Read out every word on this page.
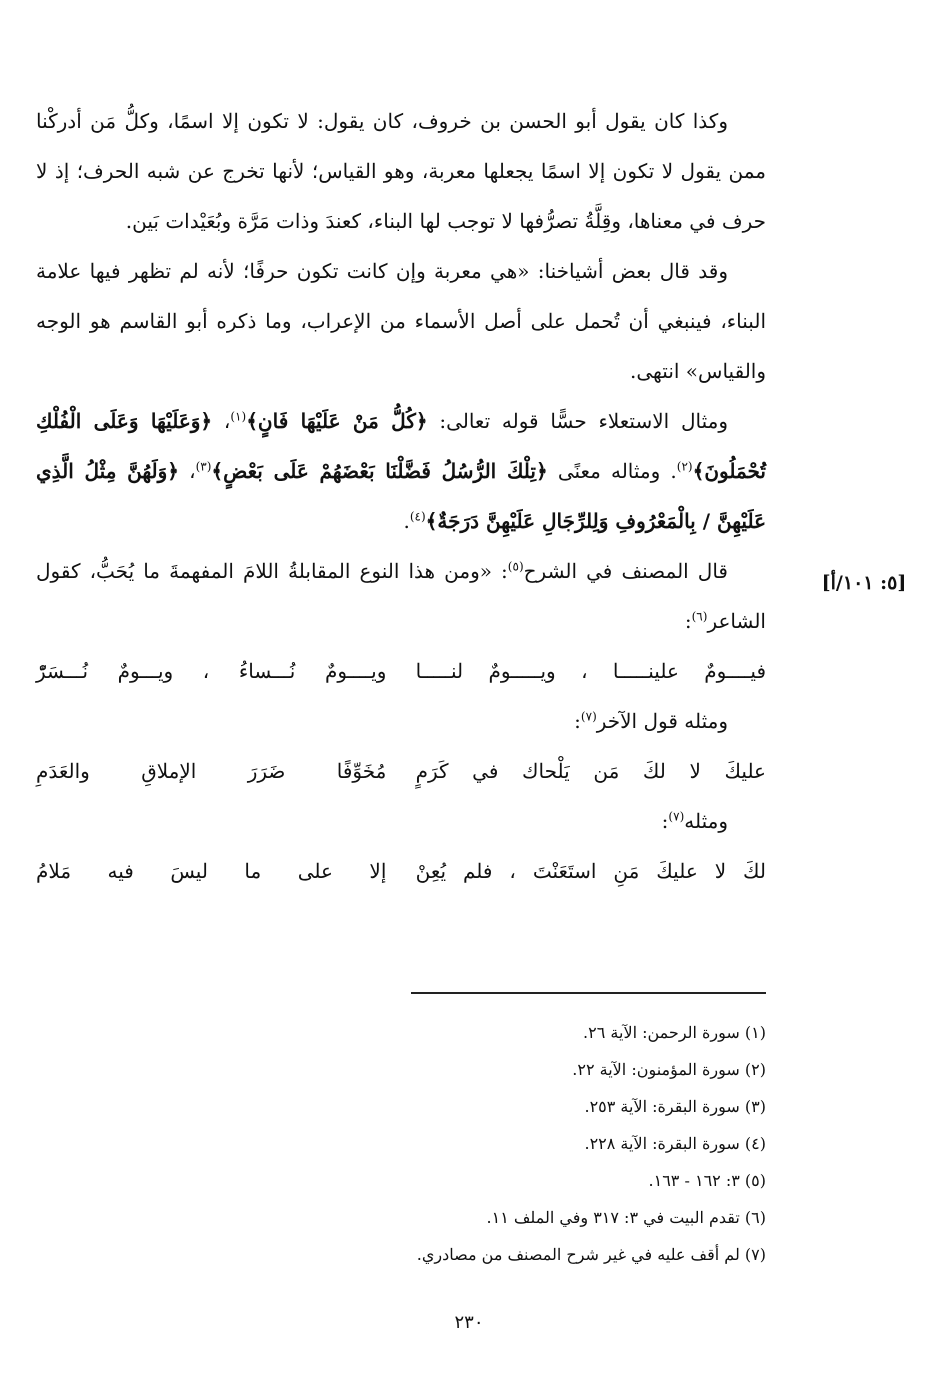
[٥: ١٠١/أ]

وكذا كان يقول أبو الحسن بن خروف، كان يقول: لا تكون إلا اسمًا، وكلُّ مَن أدركْنا ممن يقول لا تكون إلا اسمًا يجعلها معربة، وهو القياس؛ لأنها تخرج عن شبه الحرف؛ إذ لا حرف في معناها، وقِلَّةُ تصرُّفها لا توجب لها البناء، كعندَ وذات مَرَّة وبُعَيْدات بَين.

وقد قال بعض أشياخنا: «هي معربة وإن كانت تكون حرفًا؛ لأنه لم تظهر فيها علامة البناء، فينبغي أن تُحمل على أصل الأسماء من الإعراب، وما ذكره أبو القاسم هو الوجه والقياس» انتهى.

ومثال الاستعلاء حسًّا قوله تعالى: ﴿كُلُّ مَنْ عَلَيْهَا فَانٍ﴾$^{(١)}$، ﴿وَعَلَيْهَا وَعَلَى الْفُلْكِ تُحْمَلُونَ﴾$^{(٢)}$. ومثاله معنًى ﴿تِلْكَ الرُّسُلُ فَضَّلْنَا بَعْضَهُمْ عَلَى بَعْضٍ﴾$^{(٣)}$، ﴿وَلَهُنَّ مِثْلُ الَّذِي عَلَيْهِنَّ / بِالْمَعْرُوفِ وَلِلرِّجَالِ عَلَيْهِنَّ دَرَجَةٌ﴾$^{(٤)}$.

قال المصنف في الشرح$^{(٥)}$: «ومن هذا النوع المقابلةُ اللامَ المفهمةَ ما يُحَبُّ، كقول الشاعر$^{(٦)}$:

فيــــومٌ علينـــــا ، ويـــــومٌ لنـــــا
ويــــومٌ نُـــساءُ ، ويـــومٌ نُـــسَرّْ

ومثله قول الآخر$^{(٧)}$:

عليكَ لا لكَ مَن يَلْحاك في كَرَمٍ
مُخَوِّفًا ضَرَرَ الإملاقِ والعَدَمِ

ومثله$^{(٧)}$:

لكَ لا عليكَ مَنِ استَعَنْتَ ، فلم يُعِنْ
إلا على ما ليسَ فيه مَلامُ
(١) سورة الرحمن: الآية ٢٦.
(٢) سورة المؤمنون: الآية ٢٢.
(٣) سورة البقرة: الآية ٢٥٣.
(٤) سورة البقرة: الآية ٢٢٨.
(٥) ٣: ١٦٢ - ١٦٣.
(٦) تقدم البيت في ٣: ٣١٧ وفي الملف ١١.
(٧) لم أقف عليه في غير شرح المصنف من مصادري.
٢٣٠
